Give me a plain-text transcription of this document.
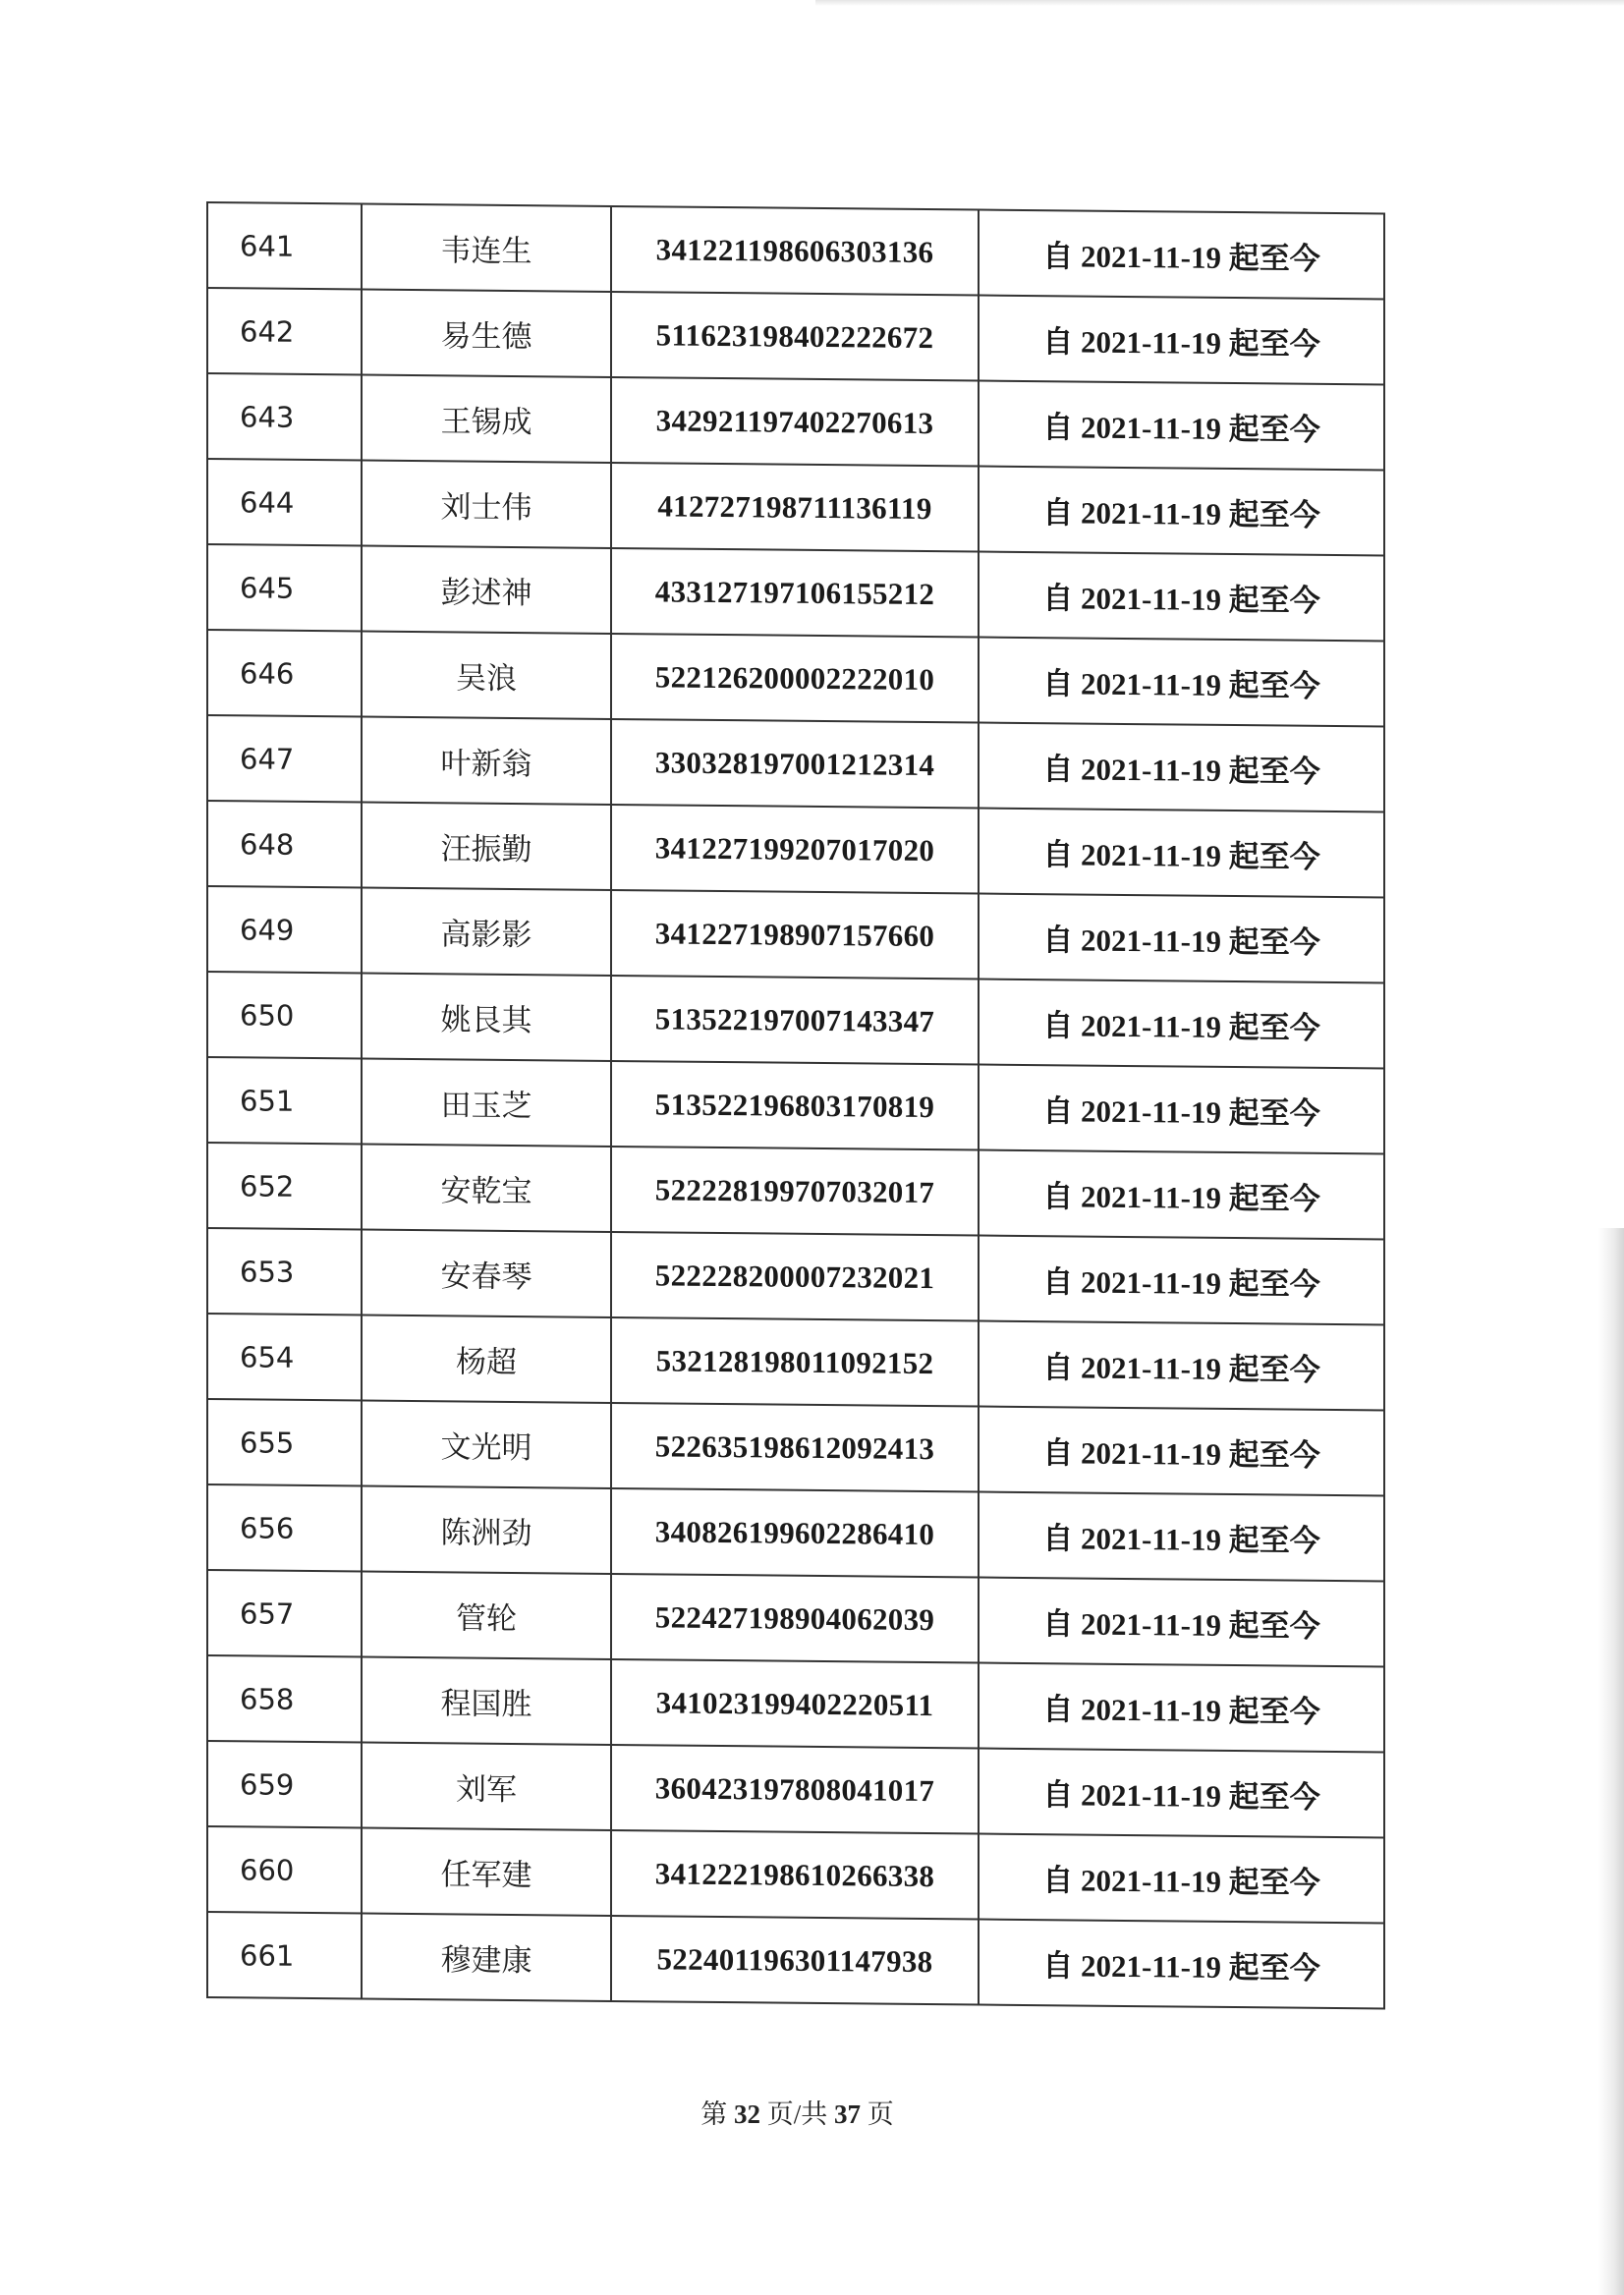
641	韦连生	341221198606303136	自 2021-11-19 起至今
642	易生德	511623198402222672	自 2021-11-19 起至今
643	王锡成	342921197402270613	自 2021-11-19 起至今
644	刘士伟	412727198711136119	自 2021-11-19 起至今
645	彭述神	433127197106155212	自 2021-11-19 起至今
646	吴浪	522126200002222010	自 2021-11-19 起至今
647	叶新翁	330328197001212314	自 2021-11-19 起至今
648	汪振勤	341227199207017020	自 2021-11-19 起至今
649	高影影	341227198907157660	自 2021-11-19 起至今
650	姚艮其	513522197007143347	自 2021-11-19 起至今
651	田玉芝	513522196803170819	自 2021-11-19 起至今
652	安乾宝	522228199707032017	自 2021-11-19 起至今
653	安春琴	522228200007232021	自 2021-11-19 起至今
654	杨超	532128198011092152	自 2021-11-19 起至今
655	文光明	522635198612092413	自 2021-11-19 起至今
656	陈洲劲	340826199602286410	自 2021-11-19 起至今
657	管轮	522427198904062039	自 2021-11-19 起至今
658	程国胜	341023199402220511	自 2021-11-19 起至今
659	刘军	360423197808041017	自 2021-11-19 起至今
660	任军建	341222198610266338	自 2021-11-19 起至今
661	穆建康	522401196301147938	自 2021-11-19 起至今
第 32 页/共 37 页
